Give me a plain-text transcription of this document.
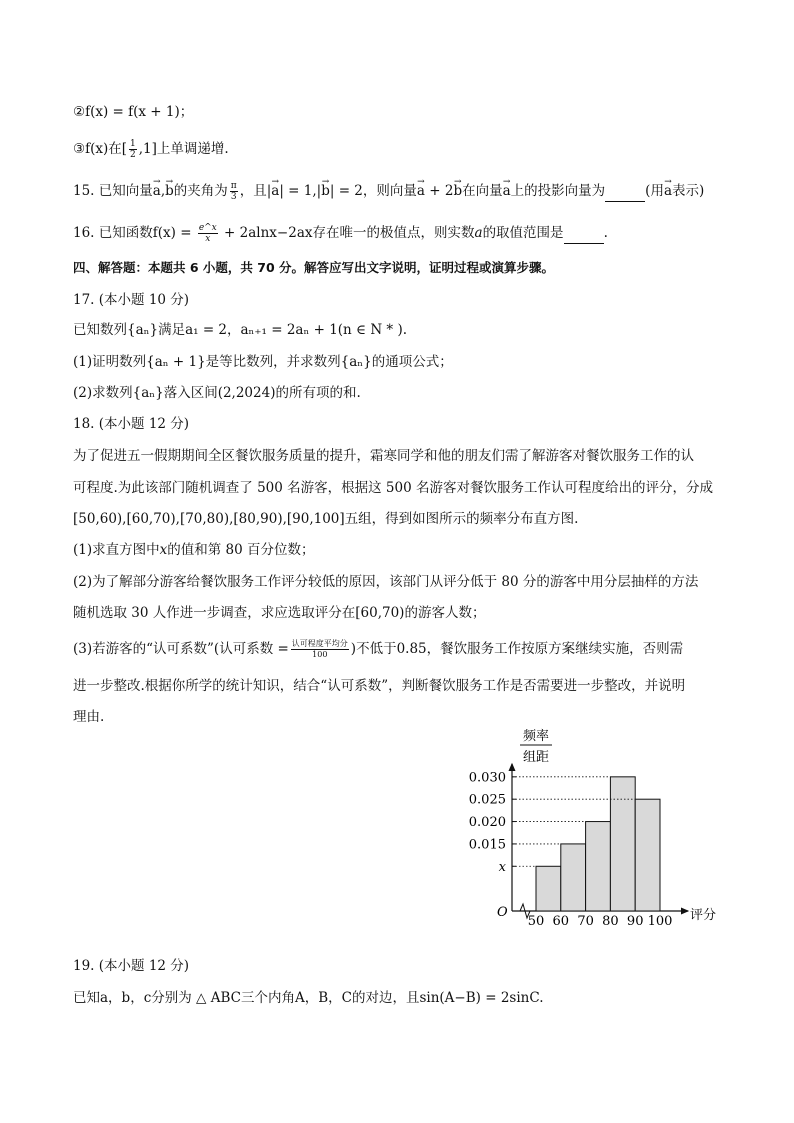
②f(x) = f(x + 1)；
③f(x)在[ $\frac{1}{2} ,1$]上单调递增.
15. 已知向量→ a,→ b的夹角为 $\frac{\pi}{3}$ ，且|→ a| = 1,|→ b| = 2，则向量→ a + 2→ b在向量→ a上的投影向量为	(用→ a表示)
16. 已知函数$f(x) = \frac{e\^{}x}{x} + 2alnx-2ax$存在唯一的极值点，则实数a的取值范围是	.
四、解答题：本题共 6 小题，共 70 分。解答应写出文字说明，证明过程或演算步骤。
17. (本小题 10 分)
已知数列{aₙ}满足a₁ = 2，aₙ₊₁ = 2aₙ + 1(n ∈ N * ).
(1)证明数列{aₙ + 1}是等比数列，并求数列{aₙ}的通项公式；
(2)求数列{aₙ}落入区间(2,2024)的所有项的和.
18. (本小题 12 分)
为了促进五一假期期间全区餐饮服务质量的提升，霜寒同学和他的朋友们需了解游客对餐饮服务工作的认
可程度.为此该部门随机调查了 500 名游客，根据这 500 名游客对餐饮服务工作认可程度给出的评分，分成
[50,60),[60,70),[70,80),[80,90),[90,100]五组，得到如图所示的频率分布直方图.
(1)求直方图中x的值和第 80 百分位数；
(2)为了解部分游客给餐饮服务工作评分较低的原因，该部门从评分低于 80 分的游客中用分层抽样的方法
随机选取 30 人作进一步调查，求应选取评分在[60,70)的游客人数；
(3)若游客的“认可系数”(认可系数 = $\frac{\text{认可程度平均分}}{100}$ )不低于0.85，餐饮服务工作按原方案继续实施，否则需
进一步整改.根据你所学的统计知识，结合“认可系数”，判断餐饮服务工作是否需要进一步整改，并说明
理由.
频率
组距
O	评分
x
0.015
0.020
0.025
0.030
50 60 70 80 90 100
19. (本小题 12 分)
已知a，b，c分别为 △ ABC三个内角A，B，C的对边，且sin(A−B) = 2sinC.
